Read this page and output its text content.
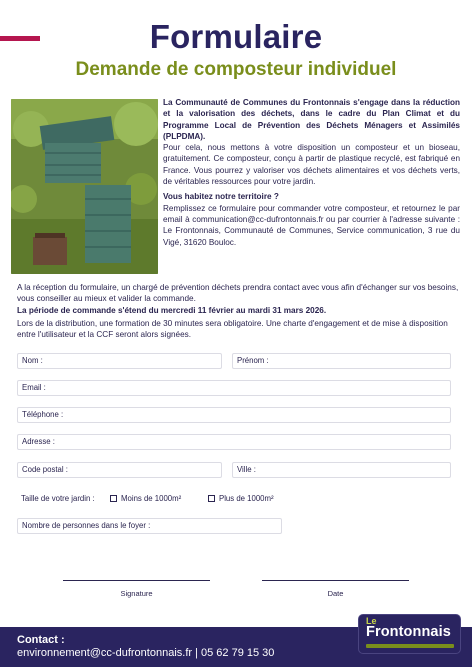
Formulaire
Demande de composteur individuel

La Communauté de Communes du Frontonnais s'engage dans la réduction et la valorisation des déchets, dans le cadre du Plan Climat et du Programme Local de Prévention des Déchets Ménagers et Assimilés (PLPDMA).

Pour cela, nous mettons à votre disposition un composteur et un bioseau, gratuitement. Ce composteur, conçu à partir de plastique recyclé, est fabriqué en France. Vous pourrez y valoriser vos déchets alimentaires et vos déchets verts, de véritables ressources pour votre jardin.

Vous habitez notre territoire ?

Remplissez ce formulaire pour commander votre composteur, et retournez le par email à communication@cc-dufrontonnais.fr ou par courrier à l'adresse suivante : Le Frontonnais, Communauté de Communes, Service communication, 3 rue du Vigé, 31620 Bouloc.

A la réception du formulaire, un chargé de prévention déchets prendra contact avec vous afin d'échanger sur vos besoins, vous conseiller au mieux et valider la commande.
La période de commande s'étend du mercredi 11 février au mardi 31 mars 2026.
Lors de la distribution, une formation de 30 minutes sera obligatoire. Une charte d'engagement et de mise à disposition entre l'utilisateur et la CCF seront alors signées.
Nom :	Prénom :
Email :
Téléphone :
Adresse :
Code postal :	Ville :
Taille de votre jardin :	Moins de 1000m²	Plus de 1000m²
Nombre de personnes dans le foyer :
Signature	Date
Contact :
environnement@cc-dufrontonnais.fr | 05 62 79 15 30
Le
Frontonnais
